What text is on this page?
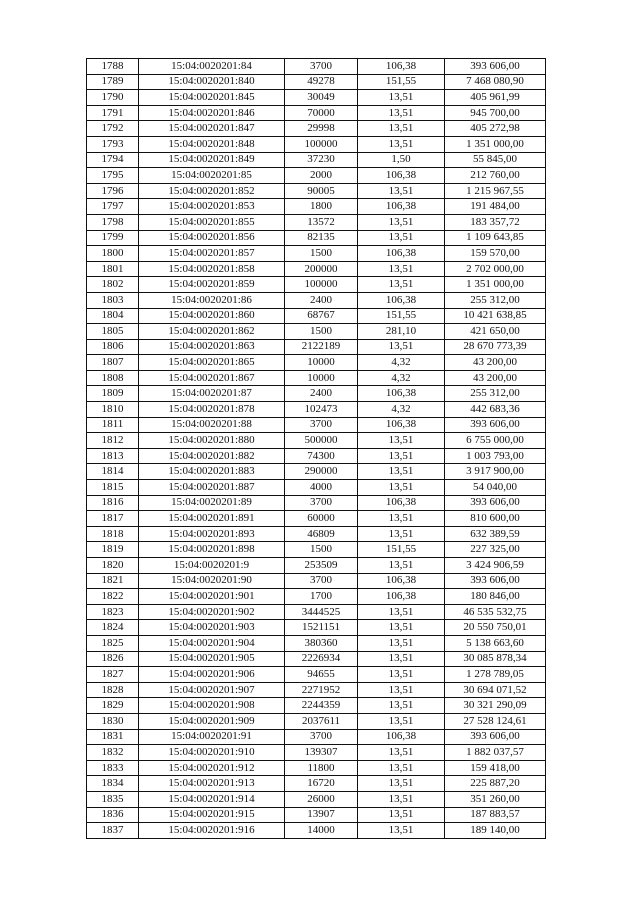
1788	15:04:0020201:84	3700	106,38	393 606,00
1789	15:04:0020201:840	49278	151,55	7 468 080,90
1790	15:04:0020201:845	30049	13,51	405 961,99
1791	15:04:0020201:846	70000	13,51	945 700,00
1792	15:04:0020201:847	29998	13,51	405 272,98
1793	15:04:0020201:848	100000	13,51	1 351 000,00
1794	15:04:0020201:849	37230	1,50	55 845,00
1795	15:04:0020201:85	2000	106,38	212 760,00
1796	15:04:0020201:852	90005	13,51	1 215 967,55
1797	15:04:0020201:853	1800	106,38	191 484,00
1798	15:04:0020201:855	13572	13,51	183 357,72
1799	15:04:0020201:856	82135	13,51	1 109 643,85
1800	15:04:0020201:857	1500	106,38	159 570,00
1801	15:04:0020201:858	200000	13,51	2 702 000,00
1802	15:04:0020201:859	100000	13,51	1 351 000,00
1803	15:04:0020201:86	2400	106,38	255 312,00
1804	15:04:0020201:860	68767	151,55	10 421 638,85
1805	15:04:0020201:862	1500	281,10	421 650,00
1806	15:04:0020201:863	2122189	13,51	28 670 773,39
1807	15:04:0020201:865	10000	4,32	43 200,00
1808	15:04:0020201:867	10000	4,32	43 200,00
1809	15:04:0020201:87	2400	106,38	255 312,00
1810	15:04:0020201:878	102473	4,32	442 683,36
1811	15:04:0020201:88	3700	106,38	393 606,00
1812	15:04:0020201:880	500000	13,51	6 755 000,00
1813	15:04:0020201:882	74300	13,51	1 003 793,00
1814	15:04:0020201:883	290000	13,51	3 917 900,00
1815	15:04:0020201:887	4000	13,51	54 040,00
1816	15:04:0020201:89	3700	106,38	393 606,00
1817	15:04:0020201:891	60000	13,51	810 600,00
1818	15:04:0020201:893	46809	13,51	632 389,59
1819	15:04:0020201:898	1500	151,55	227 325,00
1820	15:04:0020201:9	253509	13,51	3 424 906,59
1821	15:04:0020201:90	3700	106,38	393 606,00
1822	15:04:0020201:901	1700	106,38	180 846,00
1823	15:04:0020201:902	3444525	13,51	46 535 532,75
1824	15:04:0020201:903	1521151	13,51	20 550 750,01
1825	15:04:0020201:904	380360	13,51	5 138 663,60
1826	15:04:0020201:905	2226934	13,51	30 085 878,34
1827	15:04:0020201:906	94655	13,51	1 278 789,05
1828	15:04:0020201:907	2271952	13,51	30 694 071,52
1829	15:04:0020201:908	2244359	13,51	30 321 290,09
1830	15:04:0020201:909	2037611	13,51	27 528 124,61
1831	15:04:0020201:91	3700	106,38	393 606,00
1832	15:04:0020201:910	139307	13,51	1 882 037,57
1833	15:04:0020201:912	11800	13,51	159 418,00
1834	15:04:0020201:913	16720	13,51	225 887,20
1835	15:04:0020201:914	26000	13,51	351 260,00
1836	15:04:0020201:915	13907	13,51	187 883,57
1837	15:04:0020201:916	14000	13,51	189 140,00
